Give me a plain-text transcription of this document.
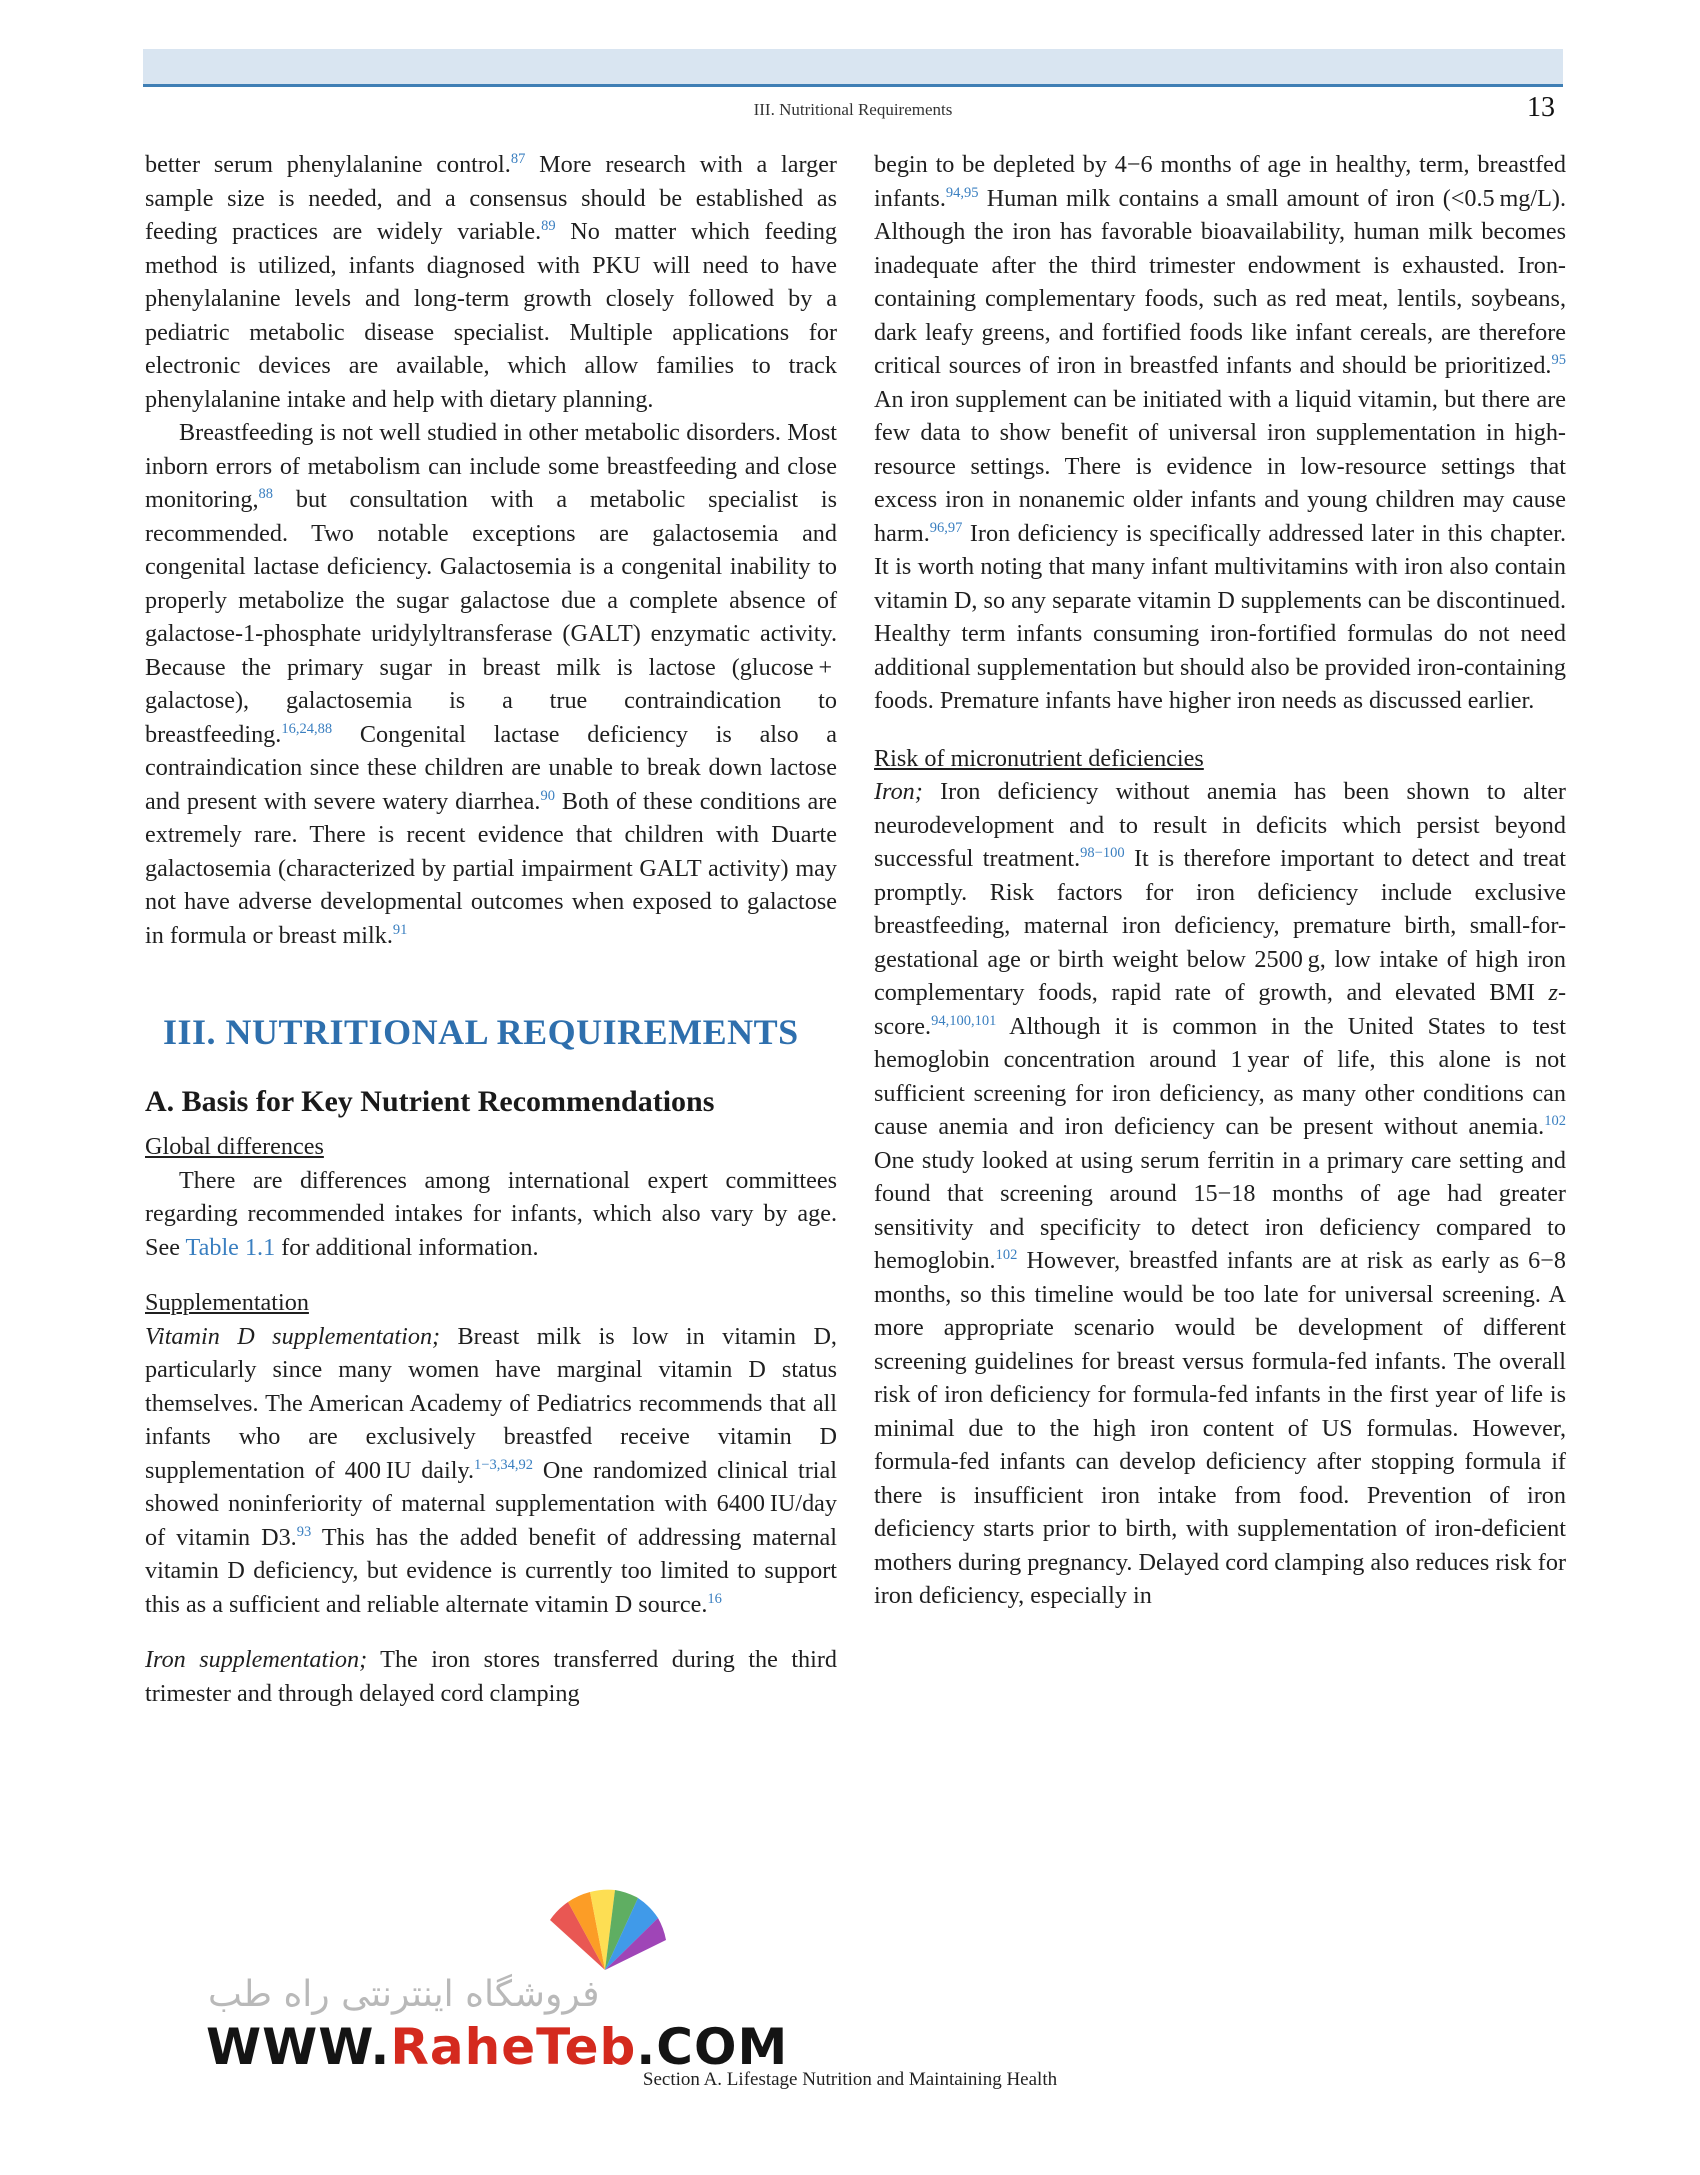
III. Nutritional Requirements	13

better serum phenylalanine control.$^{87}$ More research with a larger sample size is needed, and a consensus should be established as feeding practices are widely variable.$^{89}$ No matter which feeding method is utilized, infants diagnosed with PKU will need to have phenylalanine levels and long-term growth closely followed by a pediatric metabolic disease specialist. Multiple applications for electronic devices are available, which allow families to track phenylalanine intake and help with dietary planning.

Breastfeeding is not well studied in other metabolic disorders. Most inborn errors of metabolism can include some breastfeeding and close monitoring,$^{88}$ but consultation with a metabolic specialist is recommended. Two notable exceptions are galactosemia and congenital lactase deficiency. Galactosemia is a congenital inability to properly metabolize the sugar galactose due a complete absence of galactose-1-phosphate uridylyltransferase (GALT) enzymatic activity. Because the primary sugar in breast milk is lactose (glucose + galactose), galactosemia is a true contraindication to breastfeeding.$^{16,24,88}$ Congenital lactase deficiency is also a contraindication since these children are unable to break down lactose and present with severe watery diarrhea.$^{90}$ Both of these conditions are extremely rare. There is recent evidence that children with Duarte galactosemia (characterized by partial impairment GALT activity) may not have adverse developmental outcomes when exposed to galactose in formula or breast milk.$^{91}$

III. NUTRITIONAL REQUIREMENTS
A. Basis for Key Nutrient Recommendations

Global differences

There are differences among international expert committees regarding recommended intakes for infants, which also vary by age. See Table 1.1 for additional information.

Supplementation

Vitamin D supplementation; Breast milk is low in vitamin D, particularly since many women have marginal vitamin D status themselves. The American Academy of Pediatrics recommends that all infants who are exclusively breastfed receive vitamin D supplementation of 400 IU daily.$^{1-3,34,92}$ One randomized clinical trial showed noninferiority of maternal supplementation with 6400 IU/day of vitamin D3.93 This has the added benefit of addressing maternal vitamin D deficiency, but evidence is currently too limited to support this as a sufficient and reliable alternate vitamin D source.$^{16}$

Iron supplementation; The iron stores transferred during the third trimester and through delayed cord clamping

begin to be depleted by 4−6 months of age in healthy, term, breastfed infants.$^{94,95}$ Human milk contains a small amount of iron (<0.5 mg/L). Although the iron has favorable bioavailability, human milk becomes inadequate after the third trimester endowment is exhausted. Iron-containing complementary foods, such as red meat, lentils, soybeans, dark leafy greens, and fortified foods like infant cereals, are therefore critical sources of iron in breastfed infants and should be prioritized.$^{95}$ An iron supplement can be initiated with a liquid vitamin, but there are few data to show benefit of universal iron supplementation in high-resource settings. There is evidence in low-resource settings that excess iron in nonanemic older infants and young children may cause harm.$^{96,97}$ Iron deficiency is specifically addressed later in this chapter. It is worth noting that many infant multivitamins with iron also contain vitamin D, so any separate vitamin D supplements can be discontinued. Healthy term infants consuming iron-fortified formulas do not need additional supplementation but should also be provided iron-containing foods. Premature infants have higher iron needs as discussed earlier.

Risk of micronutrient deficiencies

Iron; Iron deficiency without anemia has been shown to alter neurodevelopment and to result in deficits which persist beyond successful treatment.$^{98-100}$ It is therefore important to detect and treat promptly. Risk factors for iron deficiency include exclusive breastfeeding, maternal iron deficiency, premature birth, small-for-gestational age or birth weight below 2500 g, low intake of high iron complementary foods, rapid rate of growth, and elevated BMI z-score.$^{94,100,101}$ Although it is common in the United States to test hemoglobin concentration around 1 year of life, this alone is not sufficient screening for iron deficiency, as many other conditions can cause anemia and iron deficiency can be present without anemia.$^{102}$ One study looked at using serum ferritin in a primary care setting and found that screening around 15−18 months of age had greater sensitivity and specificity to detect iron deficiency compared to hemoglobin.$^{102}$ However, breastfed infants are at risk as early as 6−8 months, so this timeline would be too late for universal screening. A more appropriate scenario would be development of different screening guidelines for breast versus formula-fed infants. The overall risk of iron deficiency for formula-fed infants in the first year of life is minimal due to the high iron content of US formulas. However, formula-fed infants can develop deficiency after stopping formula if there is insufficient iron intake from food. Prevention of iron deficiency starts prior to birth, with supplementation of iron-deficient mothers during pregnancy. Delayed cord clamping also reduces risk for iron deficiency, especially in

فروشگاه اینترنتی راه طب
WWW.RaheTeb.COM
Section A. Lifestage Nutrition and Maintaining Health
